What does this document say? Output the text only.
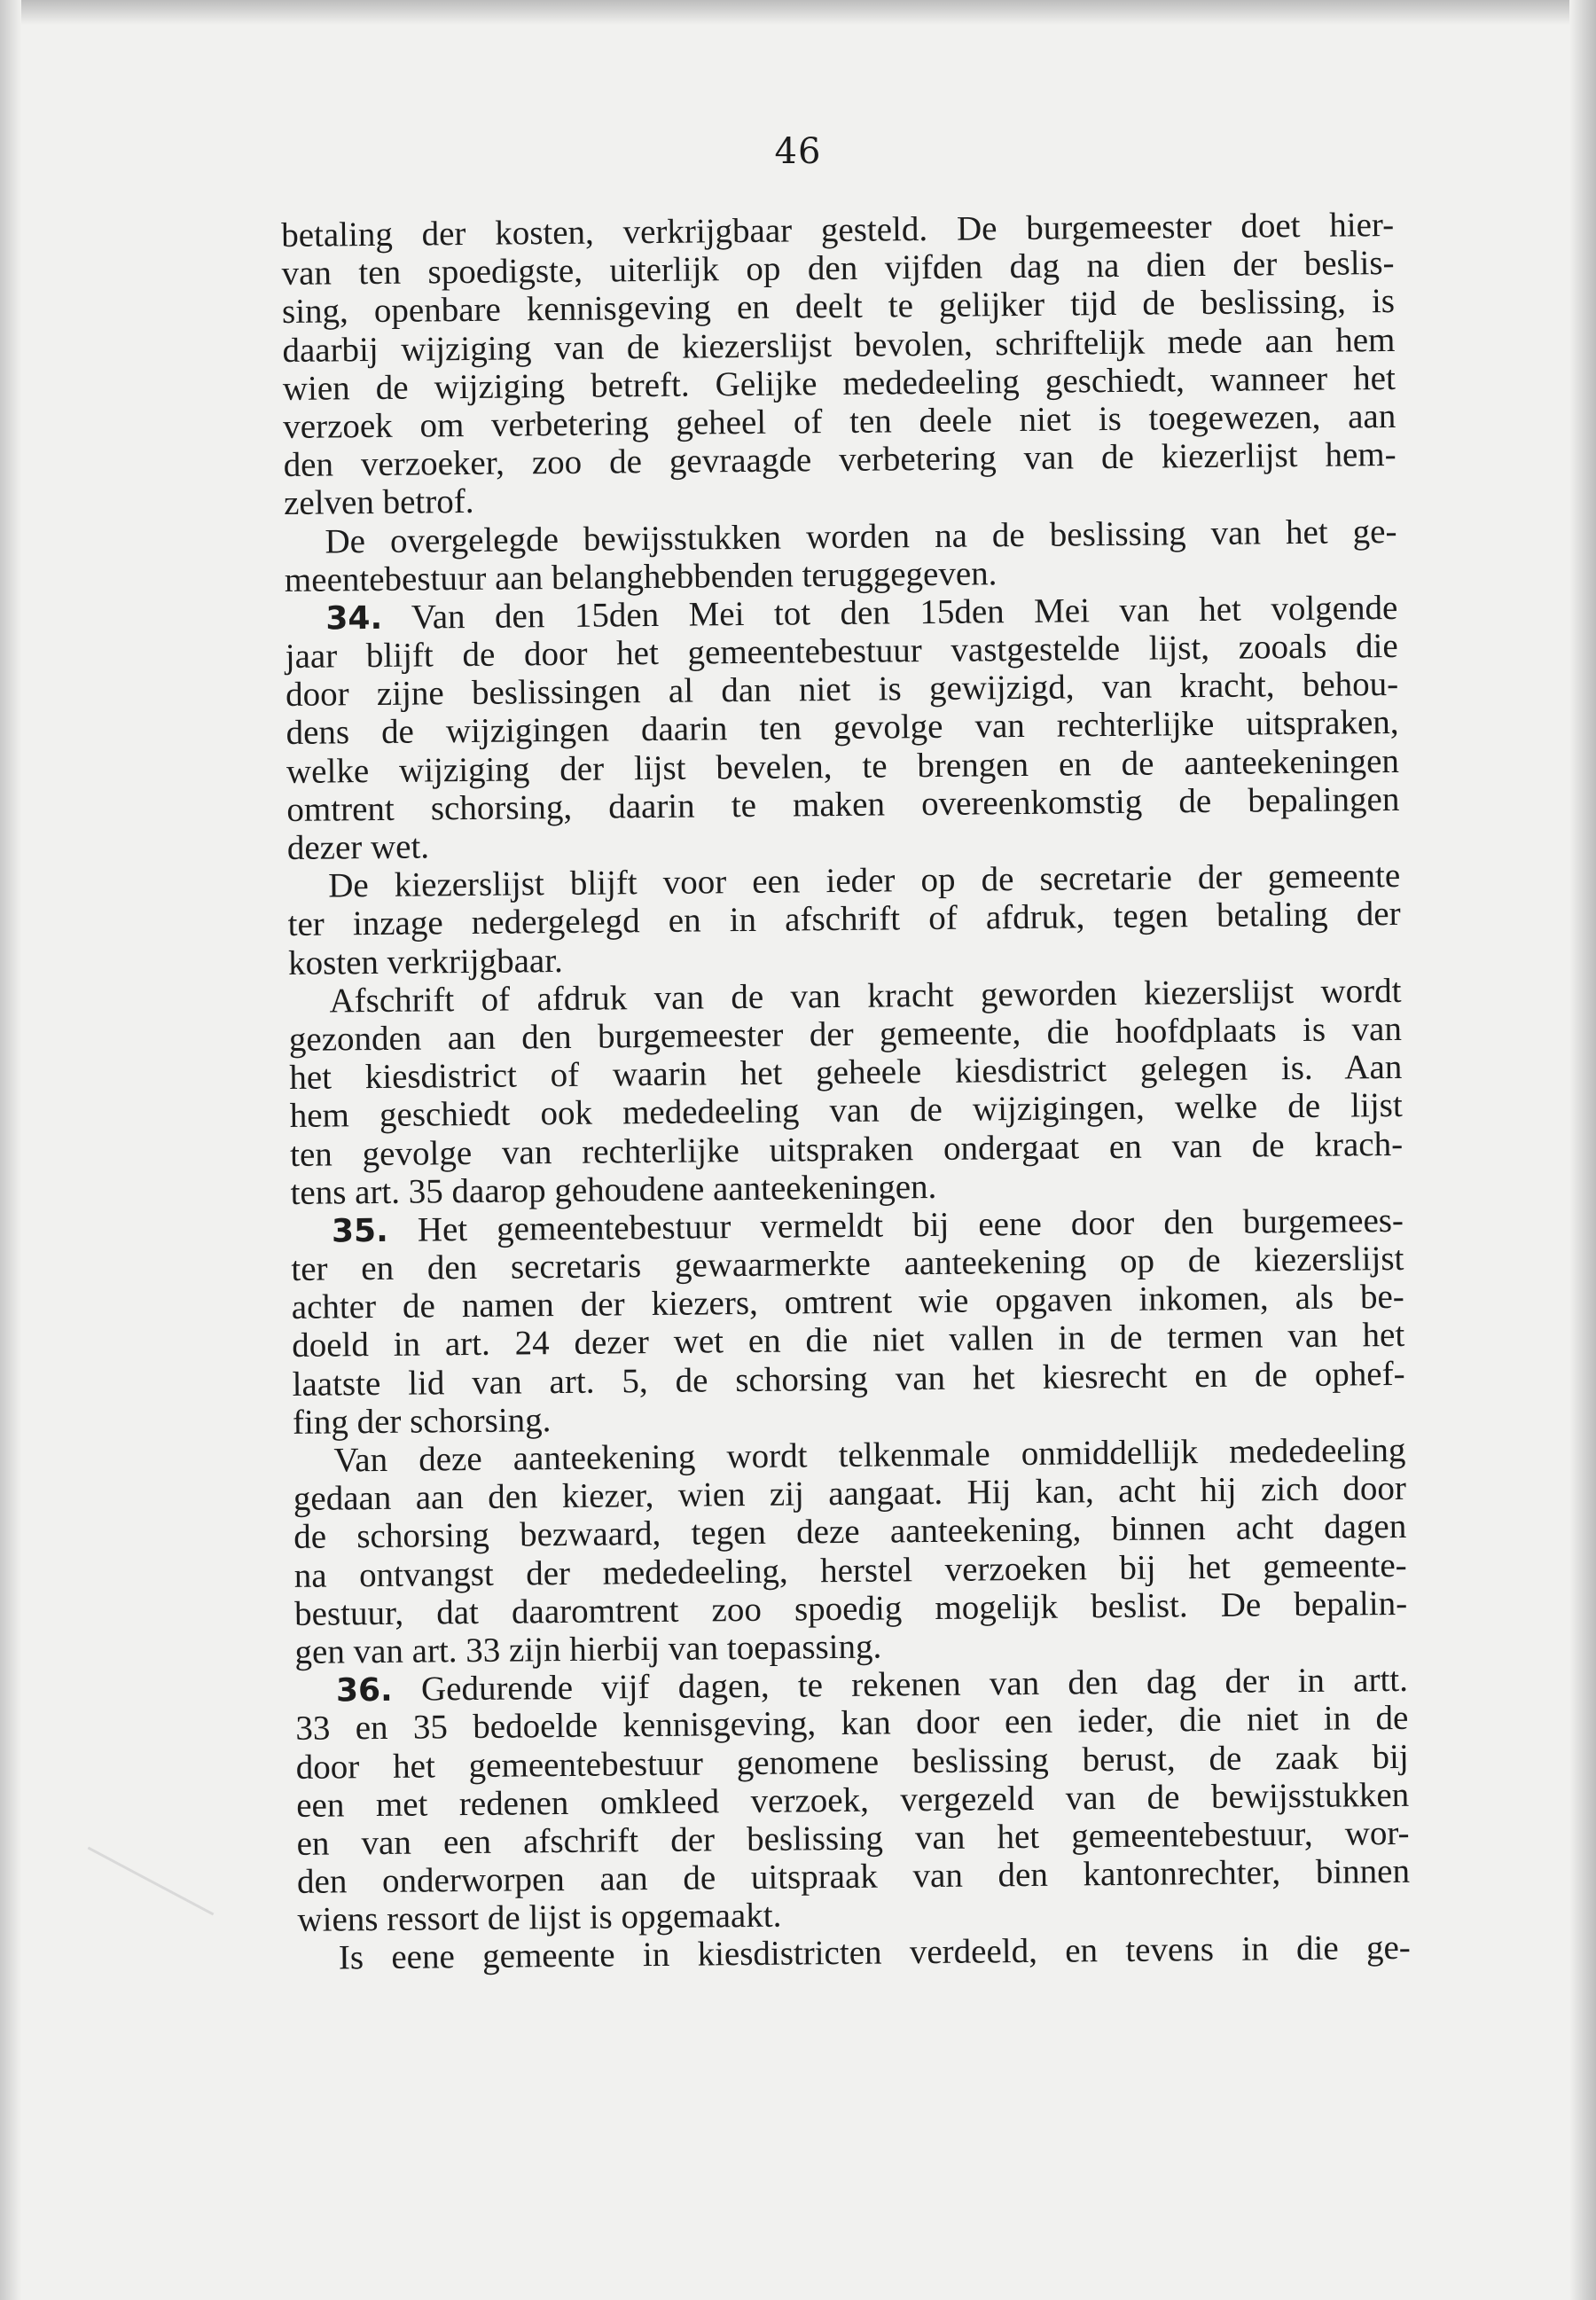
46
betaling der kosten, verkrijgbaar gesteld. De burgemeester doet hier-
van ten spoedigste, uiterlijk op den vijfden dag na dien der beslis-
sing, openbare kennisgeving en deelt te gelijker tijd de beslissing, is
daarbij wijziging van de kiezerslijst bevolen, schriftelijk mede aan hem
wien de wijziging betreft. Gelijke mededeeling geschiedt, wanneer het
verzoek om verbetering geheel of ten deele niet is toegewezen, aan
den verzoeker, zoo de gevraagde verbetering van de kiezerlijst hem-
zelven betrof.
De overgelegde bewijsstukken worden na de beslissing van het ge-
meentebestuur aan belanghebbenden teruggegeven.
34. Van den 15den Mei tot den 15den Mei van het volgende
jaar blijft de door het gemeentebestuur vastgestelde lijst, zooals die
door zijne beslissingen al dan niet is gewijzigd, van kracht, behou-
dens de wijzigingen daarin ten gevolge van rechterlijke uitspraken,
welke wijziging der lijst bevelen, te brengen en de aanteekeningen
omtrent schorsing, daarin te maken overeenkomstig de bepalingen
dezer wet.
De kiezerslijst blijft voor een ieder op de secretarie der gemeente
ter inzage nedergelegd en in afschrift of afdruk, tegen betaling der
kosten verkrijgbaar.
Afschrift of afdruk van de van kracht geworden kiezerslijst wordt
gezonden aan den burgemeester der gemeente, die hoofdplaats is van
het kiesdistrict of waarin het geheele kiesdistrict gelegen is. Aan
hem geschiedt ook mededeeling van de wijzigingen, welke de lijst
ten gevolge van rechterlijke uitspraken ondergaat en van de krach-
tens art. 35 daarop gehoudene aanteekeningen.
35. Het gemeentebestuur vermeldt bij eene door den burgemees-
ter en den secretaris gewaarmerkte aanteekening op de kiezerslijst
achter de namen der kiezers, omtrent wie opgaven inkomen, als be-
doeld in art. 24 dezer wet en die niet vallen in de termen van het
laatste lid van art. 5, de schorsing van het kiesrecht en de ophef-
fing der schorsing.
Van deze aanteekening wordt telkenmale onmiddellijk mededeeling
gedaan aan den kiezer, wien zij aangaat. Hij kan, acht hij zich door
de schorsing bezwaard, tegen deze aanteekening, binnen acht dagen
na ontvangst der mededeeling, herstel verzoeken bij het gemeente-
bestuur, dat daaromtrent zoo spoedig mogelijk beslist. De bepalin-
gen van art. 33 zijn hierbij van toepassing.
36. Gedurende vijf dagen, te rekenen van den dag der in artt.
33 en 35 bedoelde kennisgeving, kan door een ieder, die niet in de
door het gemeentebestuur genomene beslissing berust, de zaak bij
een met redenen omkleed verzoek, vergezeld van de bewijsstukken
en van een afschrift der beslissing van het gemeentebestuur, wor-
den onderworpen aan de uitspraak van den kantonrechter, binnen
wiens ressort de lijst is opgemaakt.
Is eene gemeente in kiesdistricten verdeeld, en tevens in die ge-
